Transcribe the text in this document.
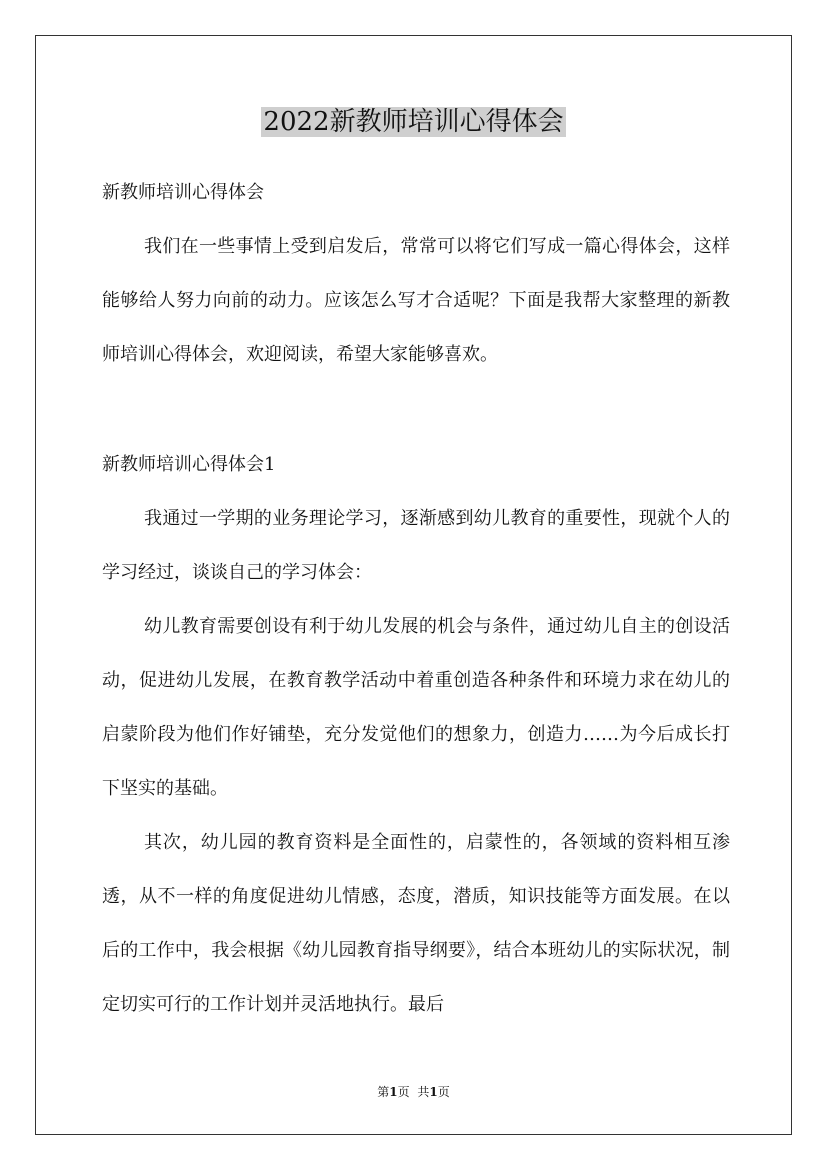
2022新教师培训心得体会
新教师培训心得体会
我们在一些事情上受到启发后，常常可以将它们写成一篇心得体会，这样能够给人努力向前的动力。应该怎么写才合适呢？下面是我帮大家整理的新教师培训心得体会，欢迎阅读，希望大家能够喜欢。
新教师培训心得体会1
我通过一学期的业务理论学习，逐渐感到幼儿教育的重要性，现就个人的学习经过，谈谈自己的学习体会：
幼儿教育需要创设有利于幼儿发展的机会与条件，通过幼儿自主的创设活动，促进幼儿发展，在教育教学活动中着重创造各种条件和环境力求在幼儿的启蒙阶段为他们作好铺垫，充分发觉他们的想象力，创造力……为今后成长打下坚实的基础。
其次，幼儿园的教育资料是全面性的，启蒙性的，各领域的资料相互渗透，从不一样的角度促进幼儿情感，态度，潜质，知识技能等方面发展。在以后的工作中，我会根据《幼儿园教育指导纲要》，结合本班幼儿的实际状况，制定切实可行的工作计划并灵活地执行。最后
第1页 共1页
